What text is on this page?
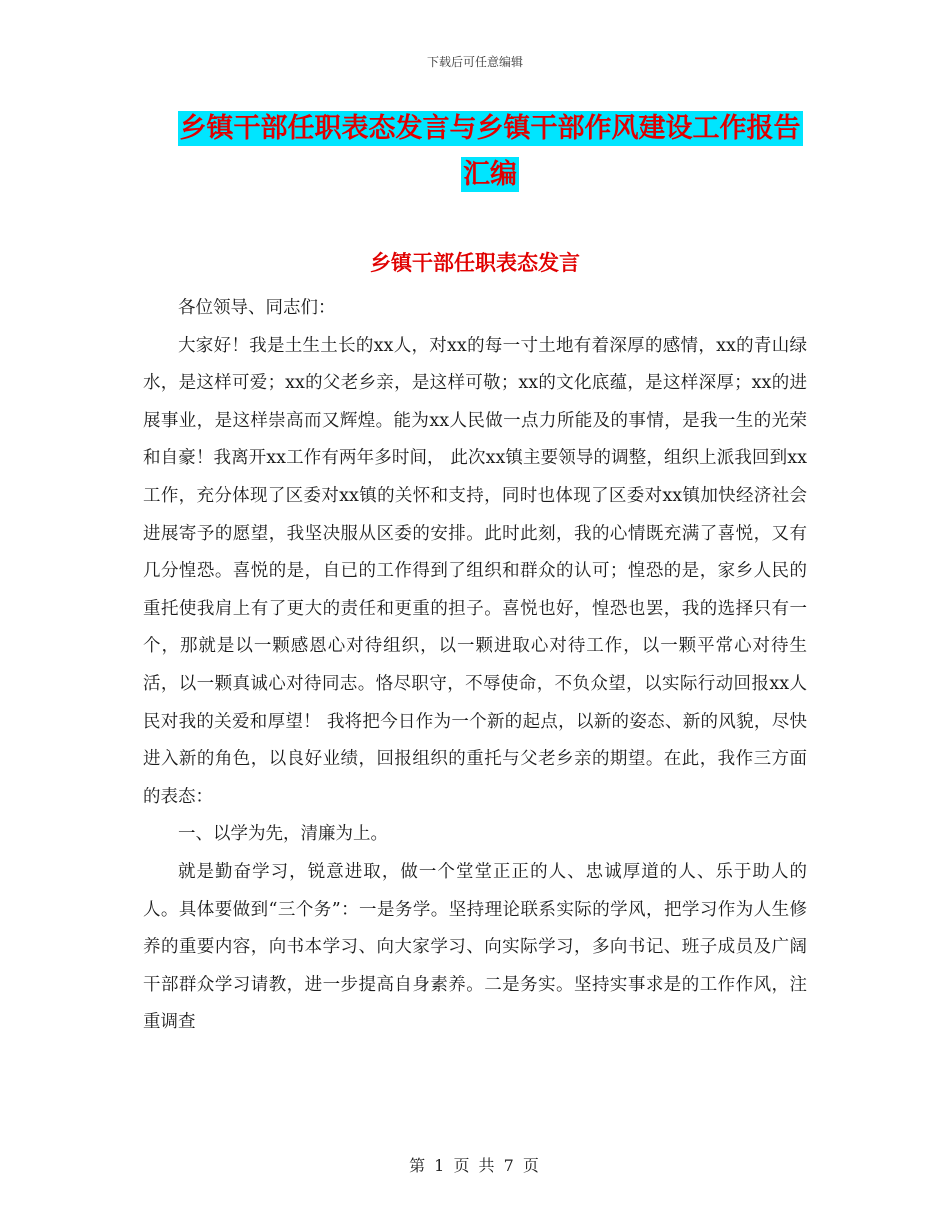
下载后可任意编辑
乡镇干部任职表态发言与乡镇干部作风建设工作报告
汇编
乡镇干部任职表态发言

各位领导、同志们：

大家好！我是土生土长的xx人，对xx的每一寸土地有着深厚的感情，xx的青山绿水，是这样可爱；xx的父老乡亲，是这样可敬；xx的文化底蕴，是这样深厚；xx的进展事业，是这样崇高而又辉煌。能为xx人民做一点力所能及的事情，是我一生的光荣和自豪！我离开xx工作有两年多时间， 此次xx镇主要领导的调整，组织上派我回到xx工作，充分体现了区委对xx镇的关怀和支持，同时也体现了区委对xx镇加快经济社会进展寄予的愿望，我坚决服从区委的安排。此时此刻，我的心情既充满了喜悦，又有几分惶恐。喜悦的是，自已的工作得到了组织和群众的认可；惶恐的是，家乡人民的重托使我肩上有了更大的责任和更重的担子。喜悦也好，惶恐也罢，我的选择只有一个，那就是以一颗感恩心对待组织，以一颗进取心对待工作，以一颗平常心对待生活，以一颗真诚心对待同志。恪尽职守，不辱使命，不负众望，以实际行动回报xx人民对我的关爱和厚望！ 我将把今日作为一个新的起点，以新的姿态、新的风貌，尽快进入新的角色，以良好业绩，回报组织的重托与父老乡亲的期望。在此，我作三方面的表态：

一、以学为先，清廉为上。

就是勤奋学习，锐意进取，做一个堂堂正正的人、忠诚厚道的人、乐于助人的人。具体要做到“三个务”：一是务学。坚持理论联系实际的学风，把学习作为人生修养的重要内容，向书本学习、向大家学习、向实际学习，多向书记、班子成员及广阔干部群众学习请教，进一步提高自身素养。二是务实。坚持实事求是的工作作风，注重调查

第 1 页 共 7 页
